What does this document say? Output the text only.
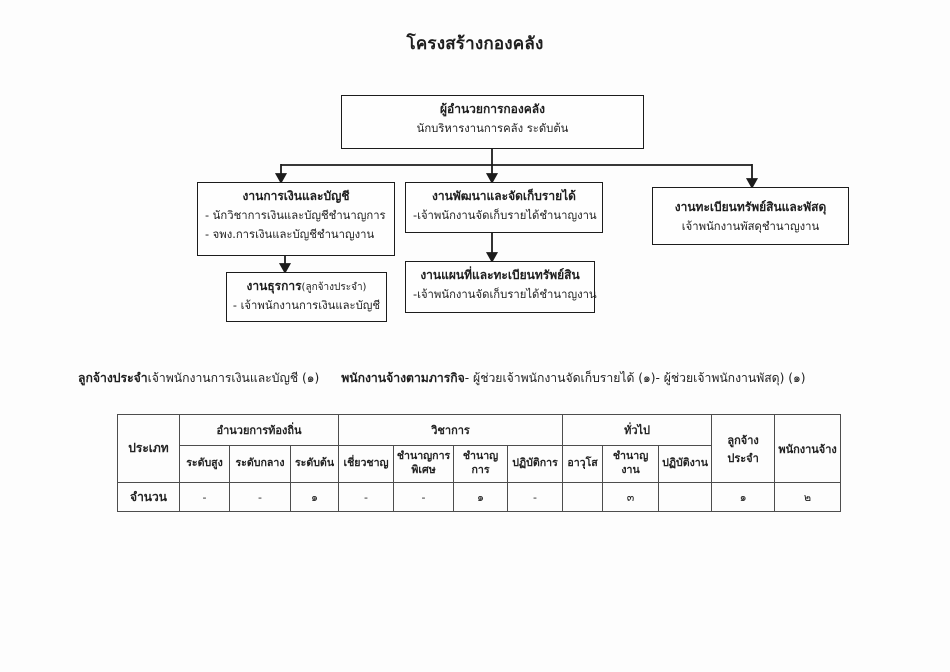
โครงสร้างกองคลัง
ผู้อำนวยการกองคลัง
นักบริหารงานการคลัง ระดับต้น
งานการเงินและบัญชี
- นักวิชาการเงินและบัญชีชำนาญการ
- จพง.การเงินและบัญชีชำนาญงาน
งานพัฒนาและจัดเก็บรายได้
-เจ้าพนักงานจัดเก็บรายได้ชำนาญงาน
งานทะเบียนทรัพย์สินและพัสดุ
เจ้าพนักงานพัสดุชำนาญงาน
งานธุรการ(ลูกจ้างประจำ)
- เจ้าพนักงานการเงินและบัญชี
งานแผนที่และทะเบียนทรัพย์สิน
-เจ้าพนักงานจัดเก็บรายได้ชำนาญงาน
ลูกจ้างประจำเจ้าพนักงานการเงินและบัญชี (๑) พนักงานจ้างตามภารกิจ- ผู้ช่วยเจ้าพนักงานจัดเก็บรายได้ (๑)- ผู้ช่วยเจ้าพนักงานพัสดุ) (๑)
ประเภท	อำนวยการท้องถิ่น			วิชาการ				ทั่วไป			ลูกจ้างประจำ	พนักงานจ้าง
	ระดับสูง	ระดับกลาง	ระดับต้น	เชี่ยวชาญ	ชำนาญการพิเศษ	ชำนาญการ	ปฏิบัติการ	อาวุโส	ชำนาญงาน	ปฏิบัติงาน		
จำนวน	-	-	๑	-	-	๑	-		๓		๑	๒
